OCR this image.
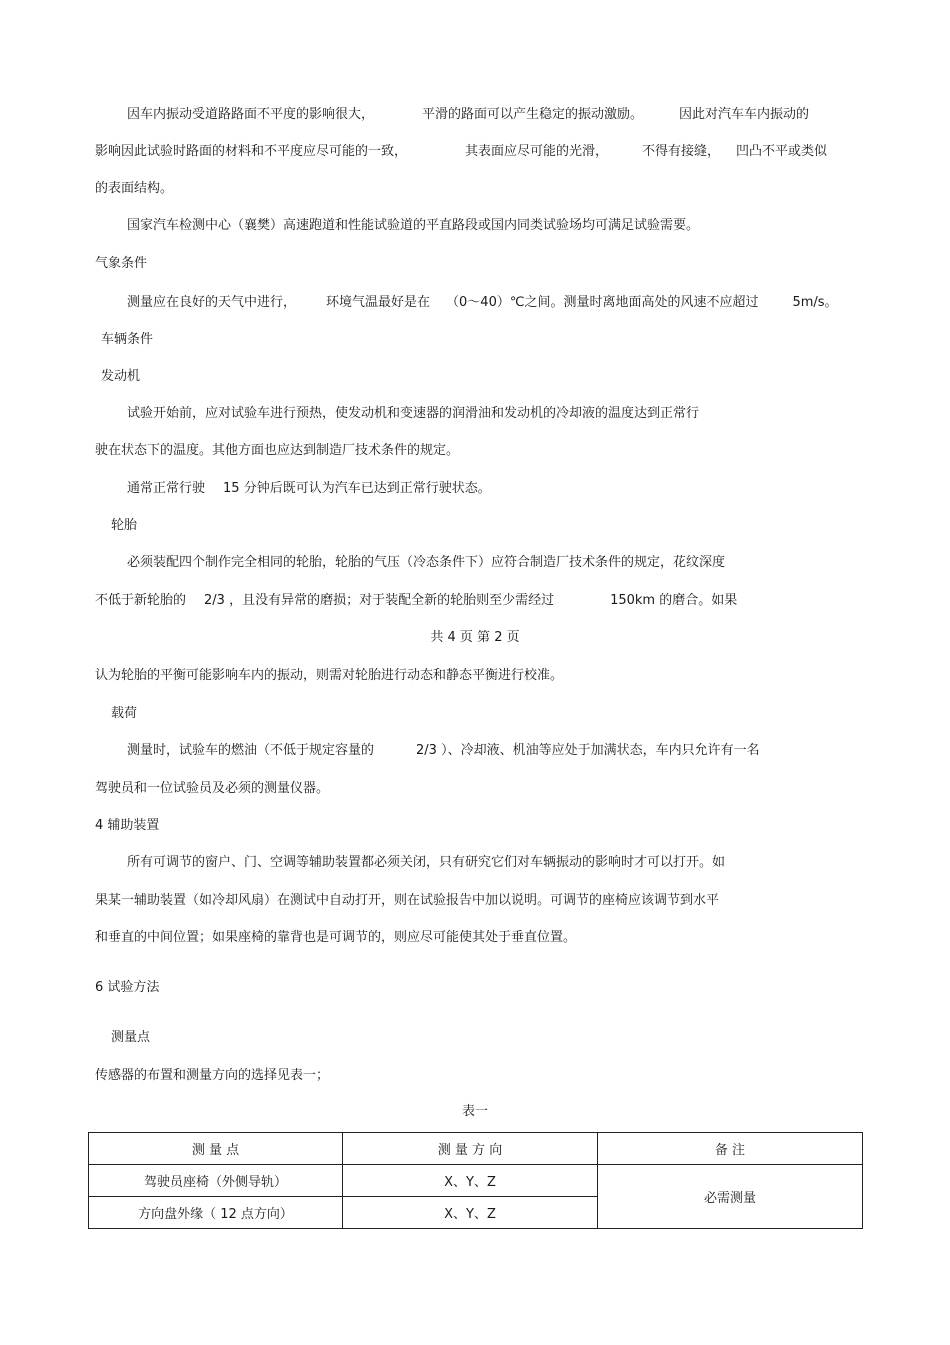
因车内振动受道路路面不平度的影响很大，	平滑的路面可以产生稳定的振动激励。	因此对汽车车内振动的
影响因此试验时路面的材料和不平度应尽可能的一致，	其表面应尽可能的光滑，	不得有接缝， 凹凸不平或类似
的表面结构。
国家汽车检测中心（襄樊）高速跑道和性能试验道的平直路段或国内同类试验场均可满足试验需要。
气象条件
测量应在良好的天气中进行， 环境气温最好是在 （0～40）℃之间。测量时离地面高处的风速不应超过	5m/s。
车辆条件
发动机
试验开始前，应对试验车进行预热，使发动机和变速器的润滑油和发动机的冷却液的温度达到正常行
驶在状态下的温度。其他方面也应达到制造厂技术条件的规定。
通常正常行驶 15 分钟后既可认为汽车已达到正常行驶状态。
轮胎
必须装配四个制作完全相同的轮胎，轮胎的气压（冷态条件下）应符合制造厂技术条件的规定，花纹深度
不低于新轮胎的 2/3 ，且没有异常的磨损；对于装配全新的轮胎则至少需经过	150km 的磨合。如果
共 4 页 第 2 页
认为轮胎的平衡可能影响车内的振动，则需对轮胎进行动态和静态平衡进行校准。
载荷
测量时，试验车的燃油（不低于规定容量的	2/3 ）、冷却液、机油等应处于加满状态，车内只允许有一名
驾驶员和一位试验员及必须的测量仪器。
4 辅助装置
所有可调节的窗户、门、空调等辅助装置都必须关闭，只有研究它们对车辆振动的影响时才可以打开。如
果某一辅助装置（如冷却风扇）在测试中自动打开，则在试验报告中加以说明。可调节的座椅应该调节到水平
和垂直的中间位置；如果座椅的靠背也是可调节的，则应尽可能使其处于垂直位置。
6 试验方法
测量点
传感器的布置和测量方向的选择见表一；
表一
测 量 点	测 量 方 向	备 注
驾驶员座椅（外侧导轨）	X、Y、Z	必需测量
方向盘外缘（ 12 点方向）	X、Y、Z	
